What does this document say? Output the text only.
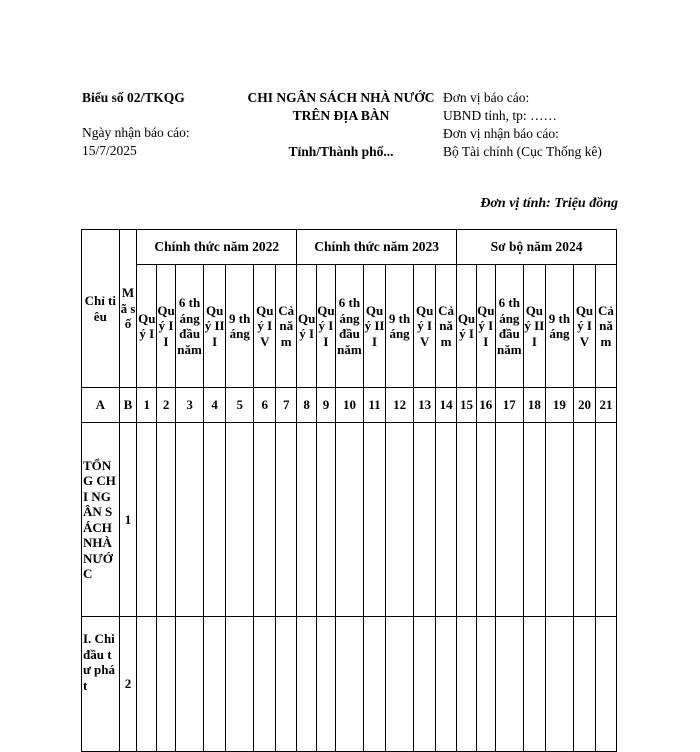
Biểu số 02/TKQG
Ngày nhận báo cáo:
15/7/2025
CHI NGÂN SÁCH NHÀ NƯỚC
TRÊN ĐỊA BÀN
Tỉnh/Thành phố...
Đơn vị báo cáo:
UBND tỉnh, tp: ……
Đơn vị nhận báo cáo:
Bộ Tài chính (Cục Thống kê)
Đơn vị tính: Triệu đồng
Chỉ tiêu	Mã số	Chính thức năm 2022							Chính thức năm 2023							Sơ bộ năm 2024						
		Quý I	Quý II	6 tháng đầu năm	Quý III	9 tháng	Quý IV	Cả năm	Quý I	Quý II	6 tháng đầu năm	Quý III	9 tháng	Quý IV	Cả năm	Quý I	Quý II	6 tháng đầu năm	Quý III	9 tháng	Quý IV	Cả năm
A	B	1	2	3	4	5	6	7	8	9	10	11	12	13	14	15	16	17	18	19	20	21
TỔNG CHI NGÂN SÁCH NHÀ NƯỚC	1																					
I. Chi đầu tư phát	2																					
